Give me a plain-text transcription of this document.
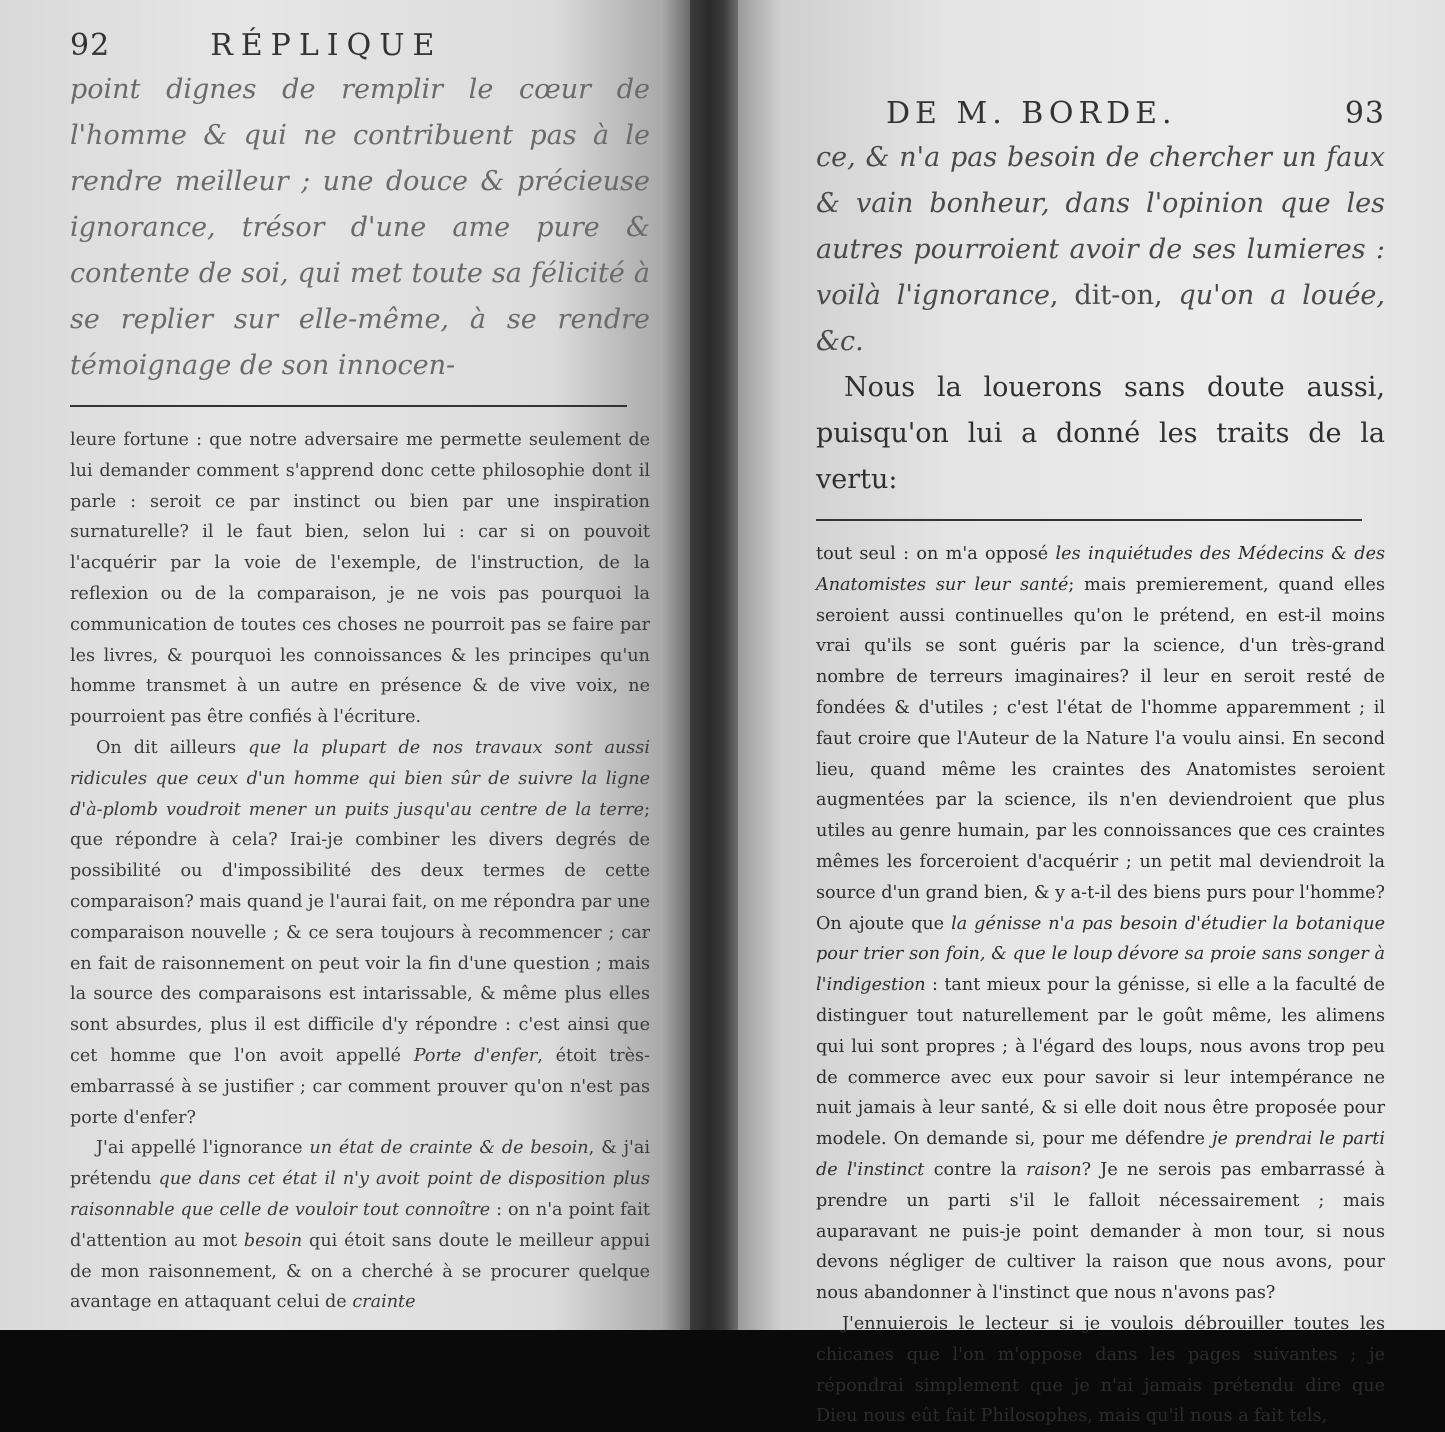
92	RÉPLIQUE

point dignes de remplir le cœur de l'homme & qui ne contribuent pas à le rendre meilleur ; une douce & précieuse ignorance, trésor d'une ame pure & contente de soi, qui met toute sa félicité à se replier sur elle-même, à se rendre témoignage de son innocen-

leure fortune : que notre adversaire me permette seulement de lui demander comment s'apprend donc cette philosophie dont il parle : seroit ce par instinct ou bien par une inspiration surnaturelle? il le faut bien, selon lui : car si on pouvoit l'acquérir par la voie de l'exemple, de l'instruction, de la reflexion ou de la comparaison, je ne vois pas pourquoi la communication de toutes ces choses ne pourroit pas se faire par les livres, & pourquoi les connoissances & les principes qu'un homme transmet à un autre en présence & de vive voix, ne pourroient pas être confiés à l'écriture.

On dit ailleurs que la plupart de nos travaux sont aussi ridicules que ceux d'un homme qui bien sûr de suivre la ligne d'à-plomb voudroit mener un puits jusqu'au centre de la terre; que répondre à cela? Irai-je combiner les divers degrés de possibilité ou d'impossibilité des deux termes de cette comparaison? mais quand je l'aurai fait, on me répondra par une comparaison nouvelle ; & ce sera toujours à recommencer ; car en fait de raisonnement on peut voir la fin d'une question ; mais la source des comparaisons est intarissable, & même plus elles sont absurdes, plus il est difficile d'y répondre : c'est ainsi que cet homme que l'on avoit appellé Porte d'enfer, étoit très-embarrassé à se justifier ; car comment prouver qu'on n'est pas porte d'enfer?

J'ai appellé l'ignorance un état de crainte & de besoin, & j'ai prétendu que dans cet état il n'y avoit point de disposition plus raisonnable que celle de vouloir tout connoître : on n'a point fait d'attention au mot besoin qui étoit sans doute le meilleur appui de mon raisonnement, & on a cherché à se procurer quelque avantage en attaquant celui de crainte

DE M. BORDE.	93

ce, & n'a pas besoin de chercher un faux & vain bonheur, dans l'opinion que les autres pourroient avoir de ses lumieres : voilà l'ignorance, dit-on, qu'on a louée, &c.

Nous la louerons sans doute aussi, puisqu'on lui a donné les traits de la vertu:

tout seul : on m'a opposé les inquiétudes des Médecins & des Anatomistes sur leur santé; mais premierement, quand elles seroient aussi continuelles qu'on le prétend, en est-il moins vrai qu'ils se sont guéris par la science, d'un très-grand nombre de terreurs imaginaires? il leur en seroit resté de fondées & d'utiles ; c'est l'état de l'homme apparemment ; il faut croire que l'Auteur de la Nature l'a voulu ainsi. En second lieu, quand même les craintes des Anatomistes seroient augmentées par la science, ils n'en deviendroient que plus utiles au genre humain, par les connoissances que ces craintes mêmes les forceroient d'acquérir ; un petit mal deviendroit la source d'un grand bien, & y a-t-il des biens purs pour l'homme? On ajoute que la génisse n'a pas besoin d'étudier la botanique pour trier son foin, & que le loup dévore sa proie sans songer à l'indigestion : tant mieux pour la génisse, si elle a la faculté de distinguer tout naturellement par le goût même, les alimens qui lui sont propres ; à l'égard des loups, nous avons trop peu de commerce avec eux pour savoir si leur intempérance ne nuit jamais à leur santé, & si elle doit nous être proposée pour modele. On demande si, pour me défendre je prendrai le parti de l'instinct contre la raison? Je ne serois pas embarrassé à prendre un parti s'il le falloit nécessairement ; mais auparavant ne puis-je point demander à mon tour, si nous devons négliger de cultiver la raison que nous avons, pour nous abandonner à l'instinct que nous n'avons pas?

J'ennuierois le lecteur si je voulois débrouiller toutes les chicanes que l'on m'oppose dans les pages suivantes ; je répondrai simplement que je n'ai jamais prétendu dire que Dieu nous eût fait Philosophes, mais qu'il nous a fait tels,
